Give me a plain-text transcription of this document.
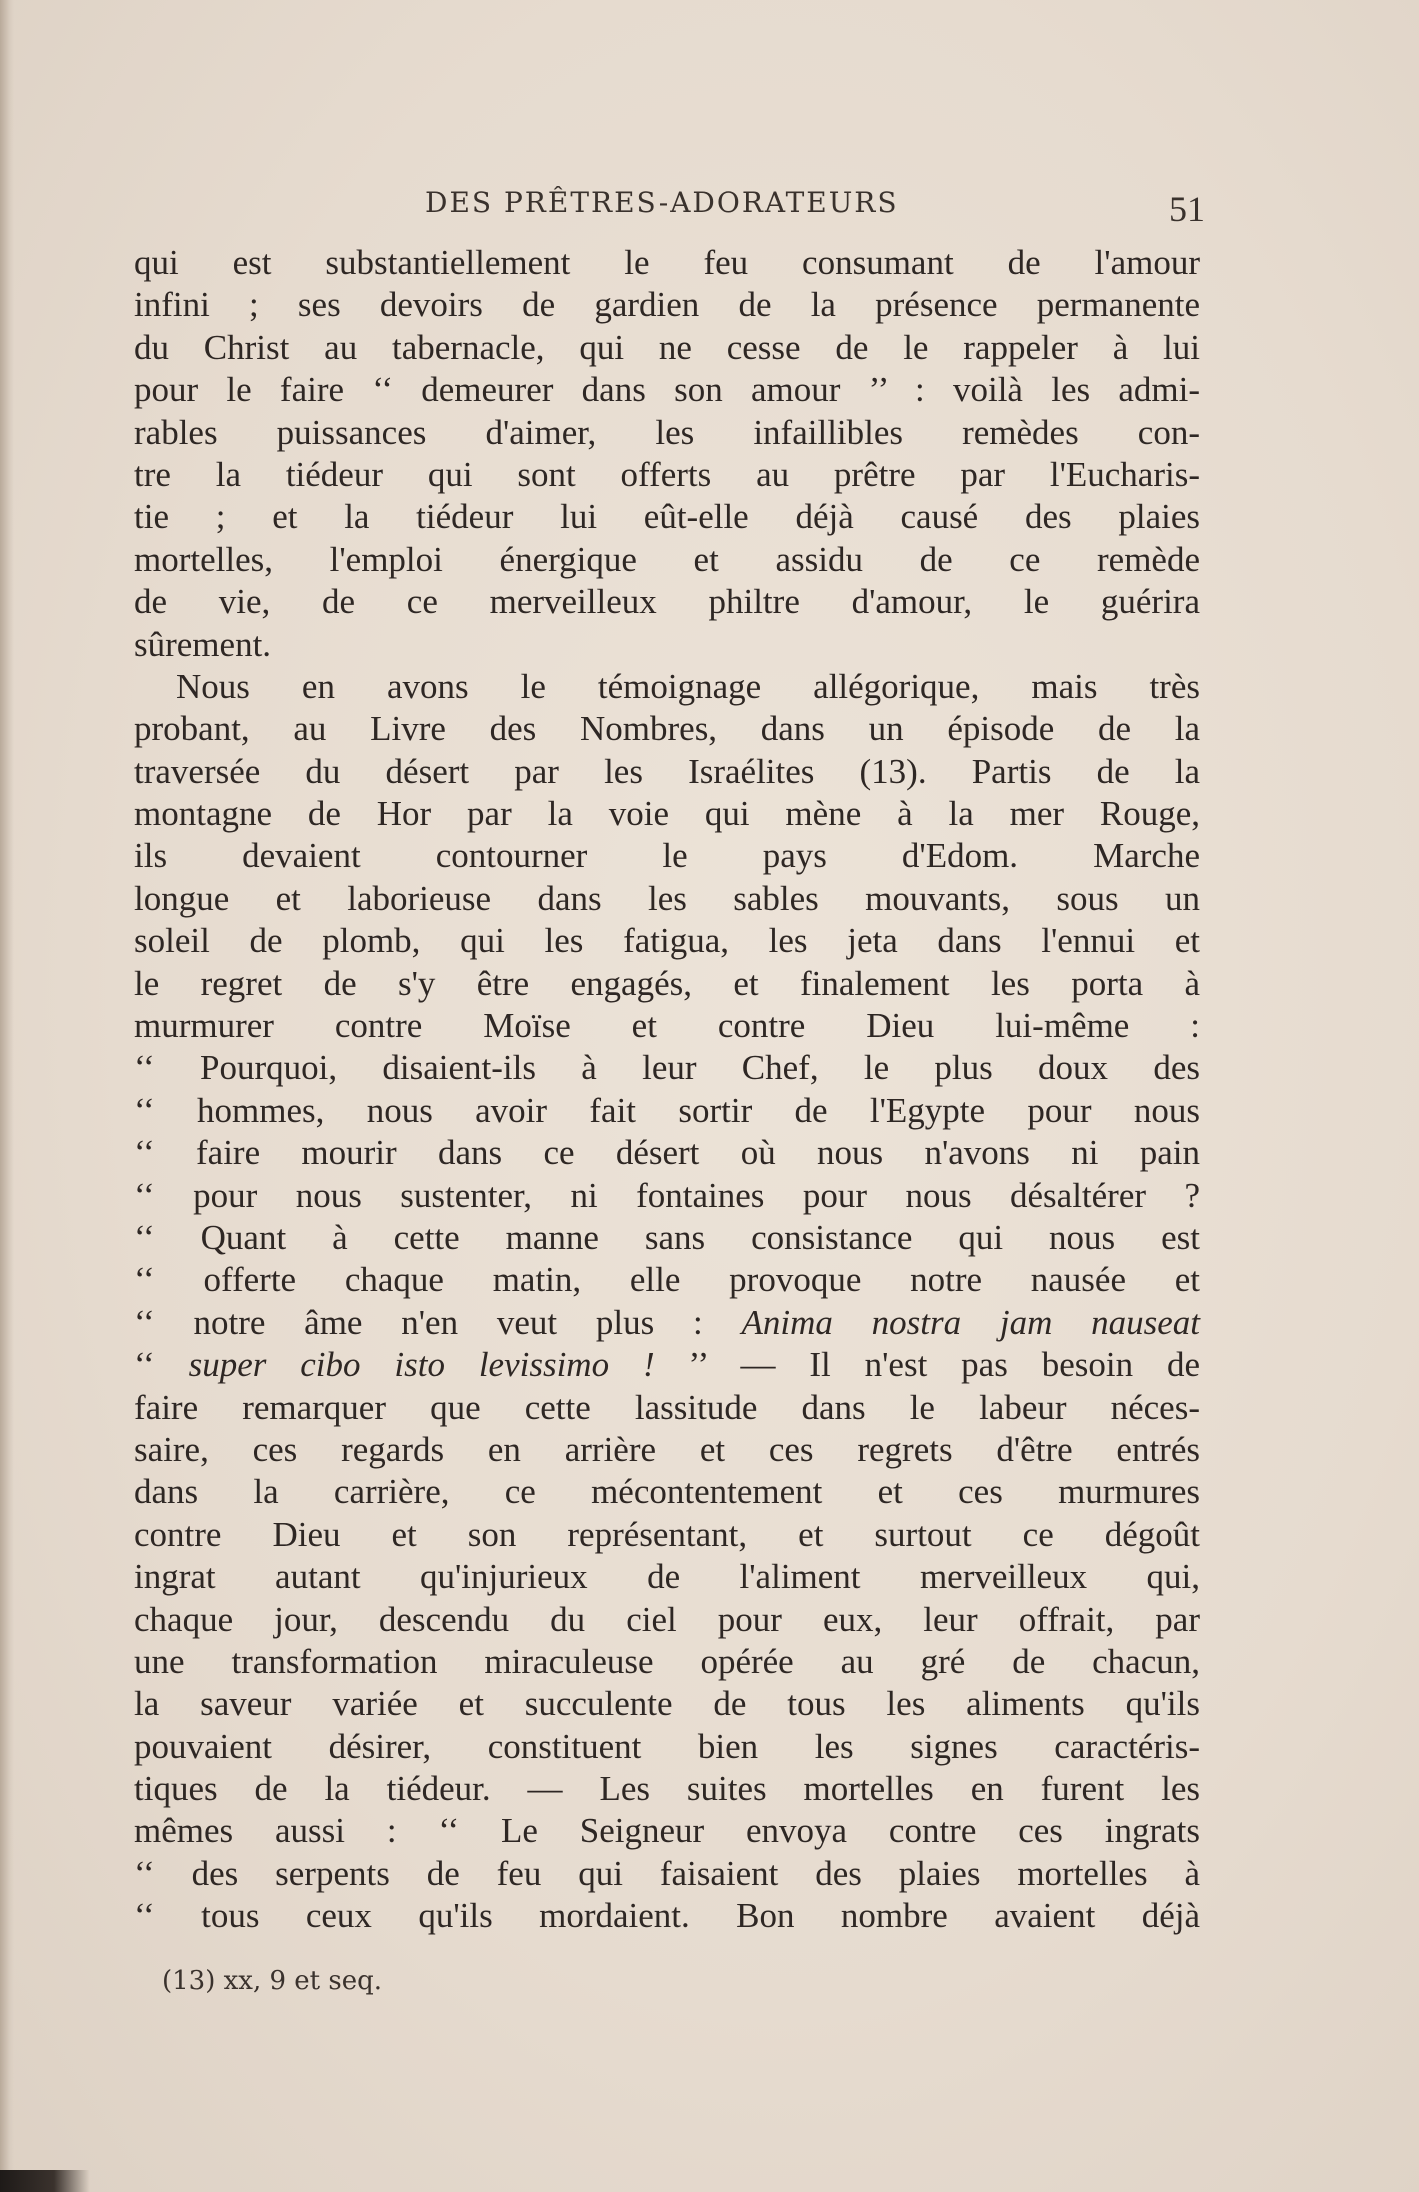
DES PRÊTRES-ADORATEURS	51
qui est substantiellement le feu consumant de l'amour
infini ; ses devoirs de gardien de la présence permanente
du Christ au tabernacle, qui ne cesse de le rappeler à lui
pour le faire ‘‘ demeurer dans son amour ’’ : voilà les admi-
rables puissances d'aimer, les infaillibles remèdes con-
tre la tiédeur qui sont offerts au prêtre par l'Eucharis-
tie ; et la tiédeur lui eût-elle déjà causé des plaies
mortelles, l'emploi énergique et assidu de ce remède
de vie, de ce merveilleux philtre d'amour, le guérira
sûrement.
Nous en avons le témoignage allégorique, mais très
probant, au Livre des Nombres, dans un épisode de la
traversée du désert par les Israélites (13). Partis de la
montagne de Hor par la voie qui mène à la mer Rouge,
ils devaient contourner le pays d'Edom. Marche
longue et laborieuse dans les sables mouvants, sous un
soleil de plomb, qui les fatigua, les jeta dans l'ennui et
le regret de s'y être engagés, et finalement les porta à
murmurer contre Moïse et contre Dieu lui-même :
‘‘ Pourquoi, disaient-ils à leur Chef, le plus doux des
‘‘ hommes, nous avoir fait sortir de l'Egypte pour nous
‘‘ faire mourir dans ce désert où nous n'avons ni pain
‘‘ pour nous sustenter, ni fontaines pour nous désaltérer ?
‘‘ Quant à cette manne sans consistance qui nous est
‘‘ offerte chaque matin, elle provoque notre nausée et
‘‘ notre âme n'en veut plus : Anima nostra jam nauseat
‘‘ super cibo isto levissimo ! ’’ — Il n'est pas besoin de
faire remarquer que cette lassitude dans le labeur néces-
saire, ces regards en arrière et ces regrets d'être entrés
dans la carrière, ce mécontentement et ces murmures
contre Dieu et son représentant, et surtout ce dégoût
ingrat autant qu'injurieux de l'aliment merveilleux qui,
chaque jour, descendu du ciel pour eux, leur offrait, par
une transformation miraculeuse opérée au gré de chacun,
la saveur variée et succulente de tous les aliments qu'ils
pouvaient désirer, constituent bien les signes caractéris-
tiques de la tiédeur. — Les suites mortelles en furent les
mêmes aussi : ‘‘ Le Seigneur envoya contre ces ingrats
‘‘ des serpents de feu qui faisaient des plaies mortelles à
‘‘ tous ceux qu'ils mordaient. Bon nombre avaient déjà
(13) xx, 9 et seq.
